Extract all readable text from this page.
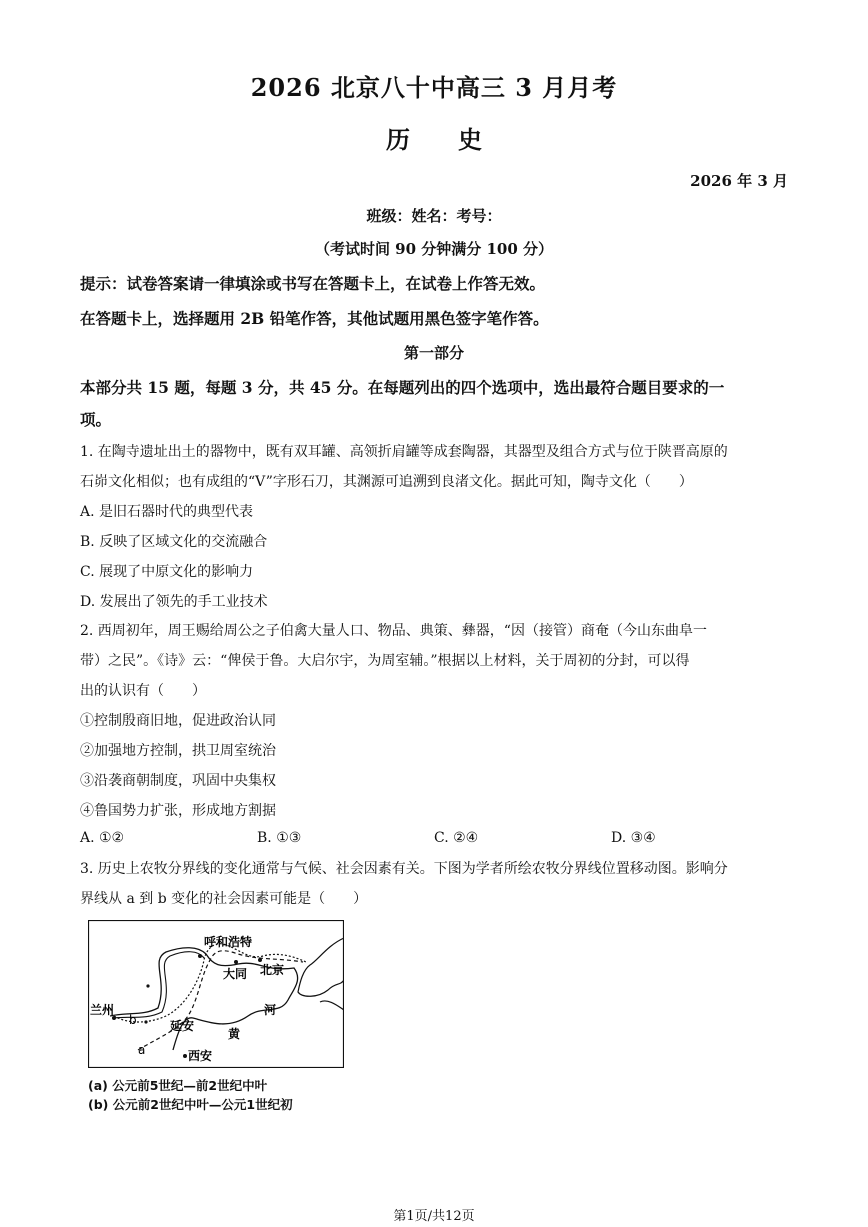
2026 北京八十中高三 3 月月考
历　　史
2026 年 3 月
班级：姓名：考号：
（考试时间 90 分钟满分 100 分）
提示：试卷答案请一律填涂或书写在答题卡上，在试卷上作答无效。
在答题卡上，选择题用 2B 铅笔作答，其他试题用黑色签字笔作答。
第一部分
本部分共 15 题，每题 3 分，共 45 分。在每题列出的四个选项中，选出最符合题目要求的一
项。
1. 在陶寺遗址出土的器物中，既有双耳罐、高领折肩罐等成套陶器，其器型及组合方式与位于陕晋高原的
石峁文化相似；也有成组的“V”字形石刀，其渊源可追溯到良渚文化。据此可知，陶寺文化（　　）
A. 是旧石器时代的典型代表
B. 反映了区域文化的交流融合
C. 展现了中原文化的影响力
D. 发展出了领先的手工业技术
2. 西周初年，周王赐给周公之子伯禽大量人口、物品、典策、彝器，“因（接管）商奄（今山东曲阜一
带）之民”。《诗》云：“俾侯于鲁。大启尔宇，为周室辅。”根据以上材料，关于周初的分封，可以得
出的认识有（　　）
①控制殷商旧地，促进政治认同
②加强地方控制，拱卫周室统治
③沿袭商朝制度，巩固中央集权
④鲁国势力扩张，形成地方割据
A. ①②	B. ①③	C. ②④	D. ③④
3. 历史上农牧分界线的变化通常与气候、社会因素有关。下图为学者所绘农牧分界线位置移动图。影响分
界线从 a 到 b 变化的社会因素可能是（　　）
呼和浩特
大同 北京
兰州
延安
西安
黄
河
b
a
(a) 公元前5世纪—前2世纪中叶
(b) 公元前2世纪中叶—公元1世纪初
第1页/共12页
